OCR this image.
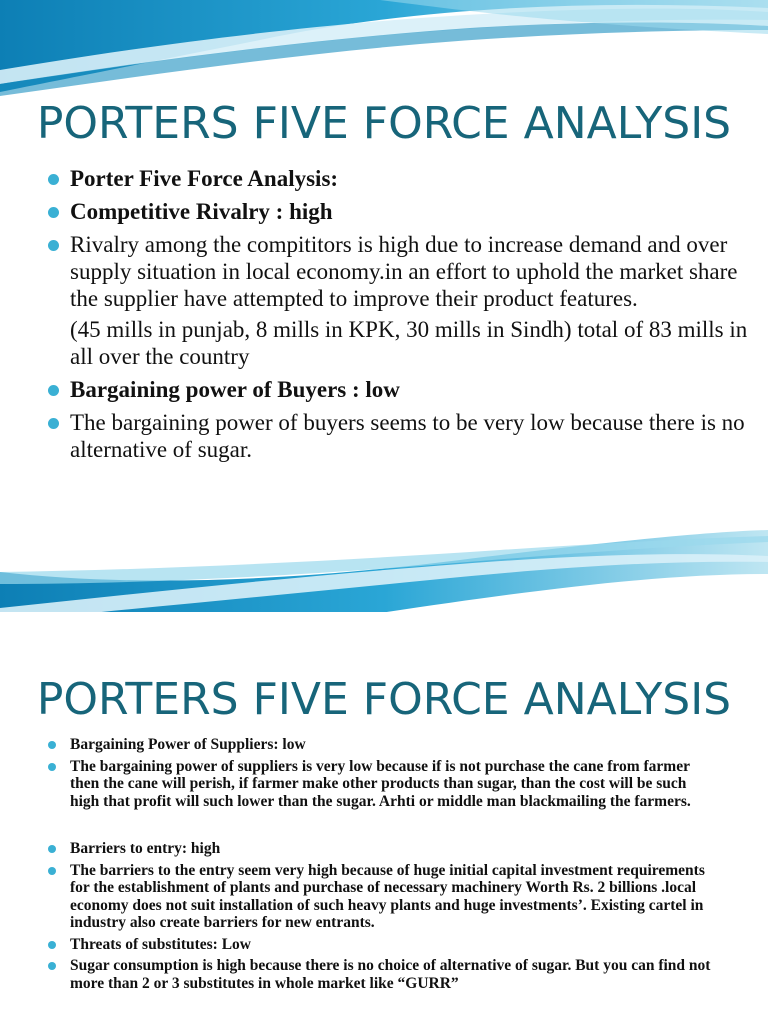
PORTERS FIVE FORCE ANALYSIS
Porter Five Force Analysis:
Competitive Rivalry : high
Rivalry among the compititors is high due to increase demand and over supply situation in local economy.in an effort to uphold the market share the supplier have attempted to improve their product features.
(45 mills in punjab, 8 mills in KPK, 30 mills in Sindh) total of 83 mills in all over the country
Bargaining power of Buyers : low
The bargaining power of buyers seems to be very low because there is no alternative of sugar.
PORTERS FIVE FORCE ANALYSIS
Bargaining Power of Suppliers: low
The bargaining power of suppliers is very low because if is not purchase the cane from farmer then the cane will perish, if farmer make other products than sugar, than the cost will be such high that profit will such lower than the sugar. Arhti or middle man blackmailing the farmers.
Barriers to entry: high
The barriers to the entry seem very high because of huge initial capital investment requirements for the establishment of plants and purchase of necessary machinery Worth Rs. 2 billions .local economy does not suit installation of such heavy plants and huge investments’. Existing cartel in industry also create barriers for new entrants.
Threats of substitutes: Low
Sugar consumption is high because there is no choice of alternative of sugar. But you can find not more than 2 or 3 substitutes in whole market like “GURR”
